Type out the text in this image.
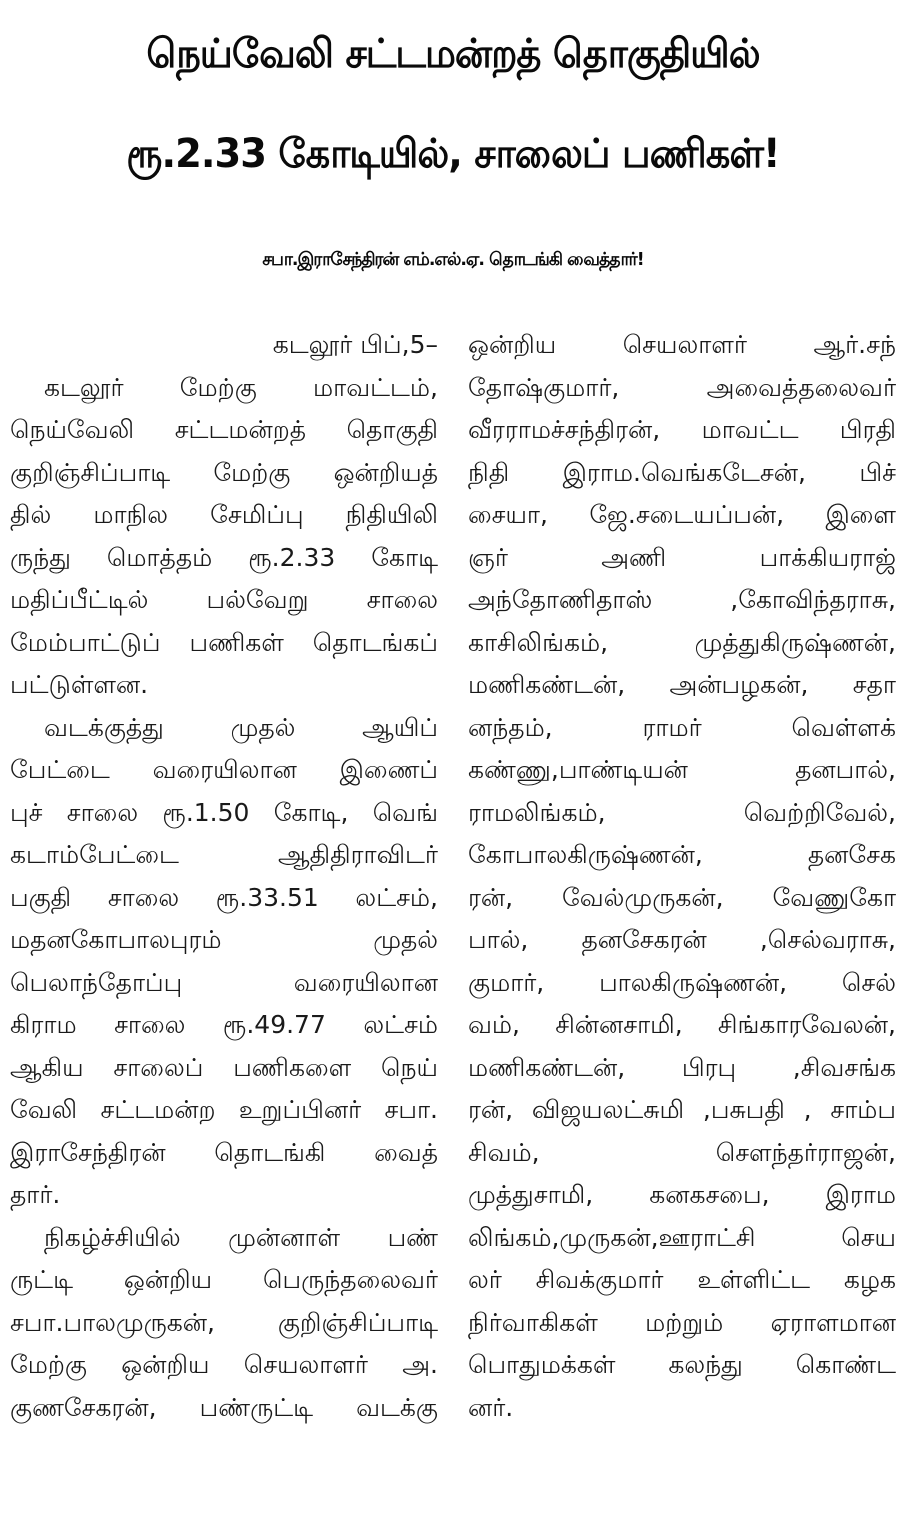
நெய்வேலி சட்டமன்றத் தொகுதியில்
ரூ.2.33 கோடியில், சாலைப் பணிகள்!
சபா.இராசேந்திரன் எம்.எல்.ஏ. தொடங்கி வைத்தார்!
கடலூர் பிப்,5–
கடலூர் மேற்கு மாவட்டம்,
நெய்வேலி சட்டமன்றத் தொகுதி
குறிஞ்சிப்பாடி மேற்கு ஒன்றியத்
தில் மாநில சேமிப்பு நிதியிலி
ருந்து மொத்தம் ரூ.2.33 கோடி
மதிப்பீட்டில் பல்வேறு சாலை
மேம்பாட்டுப் பணிகள் தொடங்கப்
பட்டுள்ளன.
வடக்குத்து முதல் ஆயிப்
பேட்டை வரையிலான இணைப்
புச் சாலை ரூ.1.50 கோடி, வெங்
கடாம்பேட்டை ஆதிதிராவிடர்
பகுதி சாலை ரூ.33.51 லட்சம்,
மதனகோபாலபுரம் முதல்
பெலாந்தோப்பு வரையிலான
கிராம சாலை ரூ.49.77 லட்சம்
ஆகிய சாலைப் பணிகளை நெய்
வேலி சட்டமன்ற உறுப்பினர் சபா.
இராசேந்திரன் தொடங்கி வைத்
தார்.
நிகழ்ச்சியில் முன்னாள் பண்
ருட்டி ஒன்றிய பெருந்தலைவர்
சபா.பாலமுருகன், குறிஞ்சிப்பாடி
மேற்கு ஒன்றிய செயலாளர் அ.
குணசேகரன், பண்ருட்டி வடக்கு
ஒன்றிய செயலாளர் ஆர்.சந்
தோஷ்குமார், அவைத்தலைவர்
வீரராமச்சந்திரன், மாவட்ட பிரதி
நிதி இராம.வெங்கடேசன், பிச்
சையா, ஜே.சடையப்பன், இளை
ஞர் அணி பாக்கியராஜ்
அந்தோணிதாஸ் ,கோவிந்தராசு,
காசிலிங்கம், முத்துகிருஷ்ணன்,
மணிகண்டன், அன்பழகன், சதா
னந்தம், ராமர் வெள்ளக்
கண்ணு,பாண்டியன் தனபால்,
ராமலிங்கம், வெற்றிவேல்,
கோபாலகிருஷ்ணன், தனசேக
ரன், வேல்முருகன், வேணுகோ
பால், தனசேகரன் ,செல்வராசு,
குமார், பாலகிருஷ்ணன், செல்
வம், சின்னசாமி, சிங்காரவேலன்,
மணிகண்டன், பிரபு ,சிவசங்க
ரன், விஜயலட்சுமி ,பசுபதி , சாம்ப
சிவம், சௌந்தர்ராஜன்,
முத்துசாமி, கனகசபை, இராம
லிங்கம்,முருகன்,ஊராட்சி செய
லர் சிவக்குமார் உள்ளிட்ட கழக
நிர்வாகிகள் மற்றும் ஏராளமான
பொதுமக்கள் கலந்து கொண்ட
னர்.
